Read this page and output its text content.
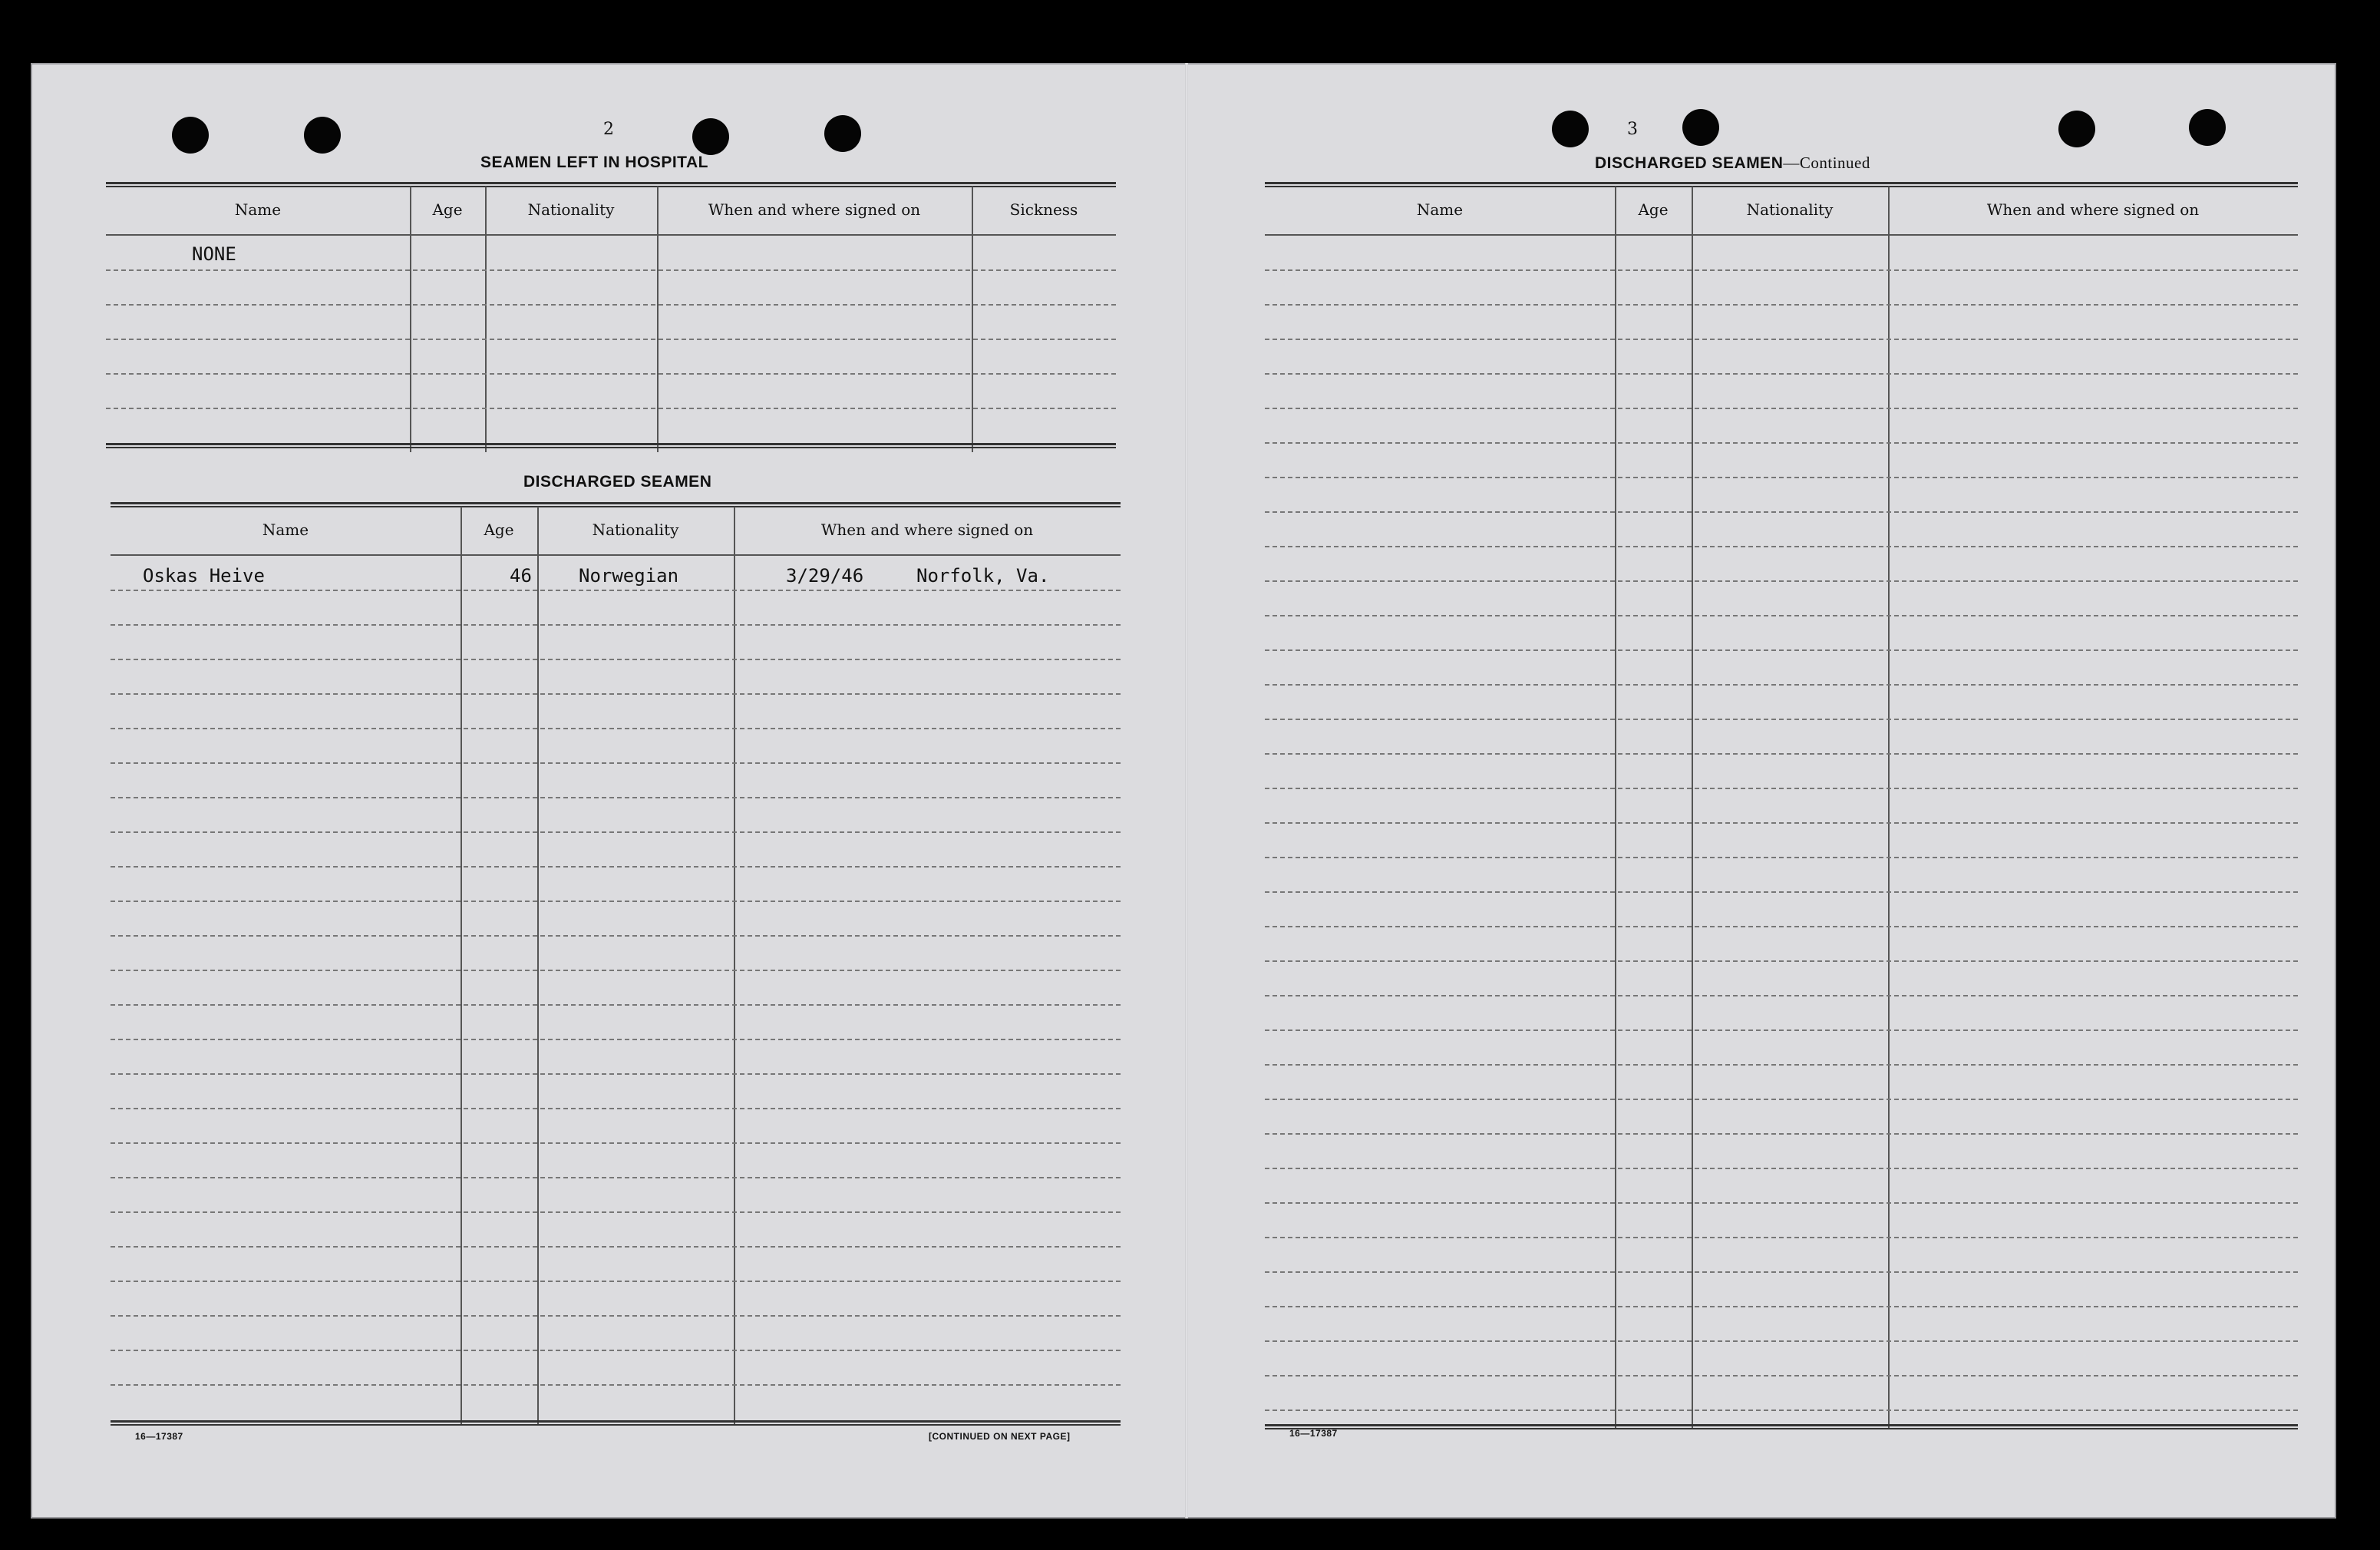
2
SEAMEN LEFT IN HOSPITAL
Name	Age	Nationality	When and where signed on	Sickness
NONE
DISCHARGED SEAMEN
Name	Age	Nationality	When and where signed on
Oskas Heive	46	Norwegian	3/29/46	Norfolk, Va.
16—17387	[CONTINUED ON NEXT PAGE]
3
DISCHARGED SEAMEN—Continued
Name	Age	Nationality	When and where signed on
16—17387
